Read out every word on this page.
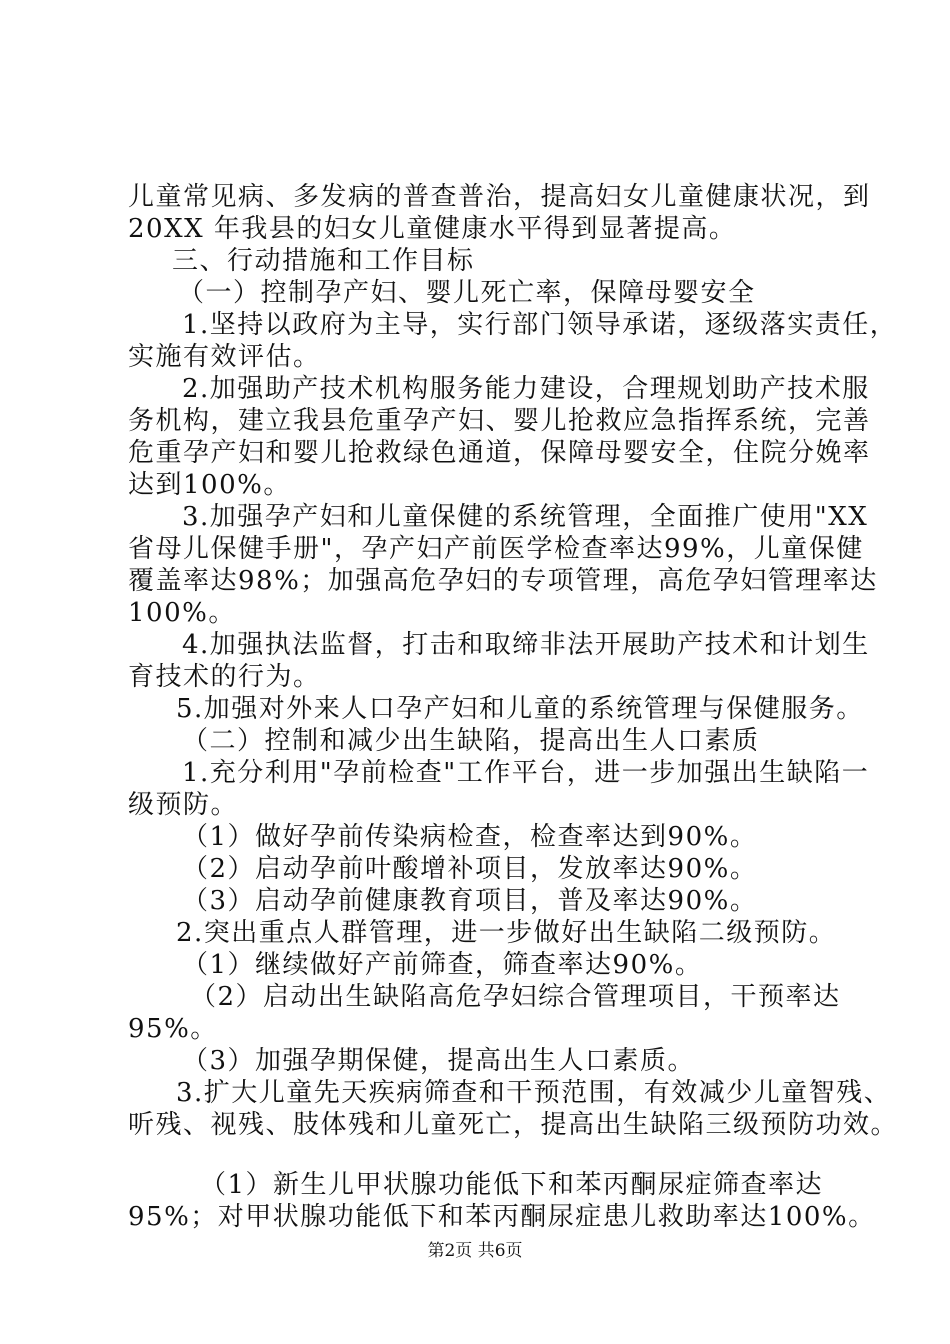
儿童常见病、多发病的普查普治，提高妇女儿童健康状况，到
20XX 年我县的妇女儿童健康水平得到显著提高。
三、行动措施和工作目标
（一）控制孕产妇、婴儿死亡率，保障母婴安全
1.坚持以政府为主导，实行部门领导承诺，逐级落实责任，
实施有效评估。
2.加强助产技术机构服务能力建设，合理规划助产技术服
务机构，建立我县危重孕产妇、婴儿抢救应急指挥系统，完善
危重孕产妇和婴儿抢救绿色通道，保障母婴安全，住院分娩率
达到100%。
3.加强孕产妇和儿童保健的系统管理，全面推广使用"XX
省母儿保健手册"，孕产妇产前医学检查率达99%，儿童保健
覆盖率达98%；加强高危孕妇的专项管理，高危孕妇管理率达
100%。
4.加强执法监督，打击和取缔非法开展助产技术和计划生
育技术的行为。
5.加强对外来人口孕产妇和儿童的系统管理与保健服务。
（二）控制和减少出生缺陷，提高出生人口素质
1.充分利用"孕前检查"工作平台，进一步加强出生缺陷一
级预防。
（1）做好孕前传染病检查，检查率达到90%。
（2）启动孕前叶酸增补项目，发放率达90%。
（3）启动孕前健康教育项目，普及率达90%。
2.突出重点人群管理，进一步做好出生缺陷二级预防。
（1）继续做好产前筛查，筛查率达90%。
（2）启动出生缺陷高危孕妇综合管理项目，干预率达
95%。
（3）加强孕期保健，提高出生人口素质。
3.扩大儿童先天疾病筛查和干预范围，有效减少儿童智残、
听残、视残、肢体残和儿童死亡，提高出生缺陷三级预防功效。
（1）新生儿甲状腺功能低下和苯丙酮尿症筛查率达
95%；对甲状腺功能低下和苯丙酮尿症患儿救助率达100%。
第2页 共6页
